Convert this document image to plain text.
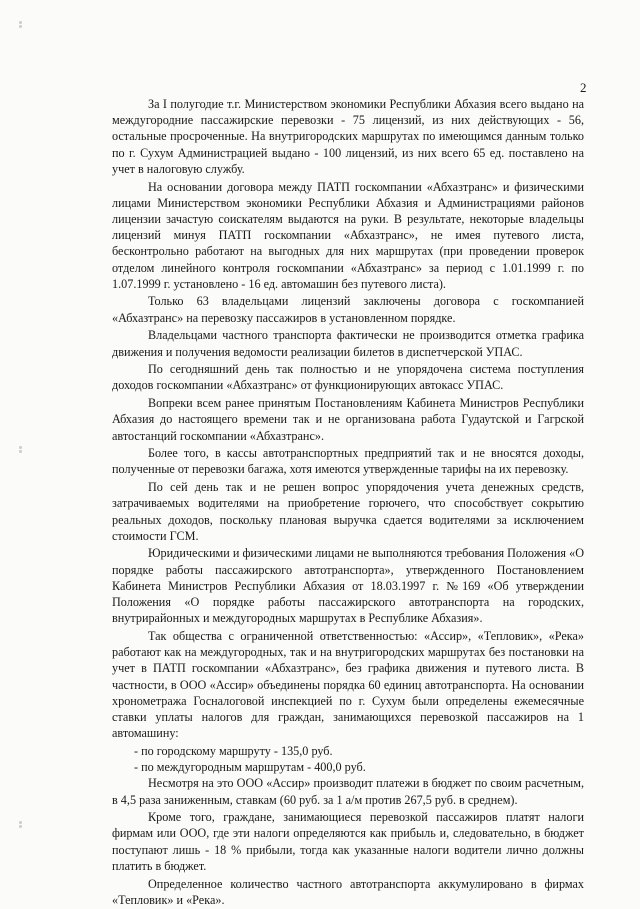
2

За I полугодие т.г. Министерством экономики Республики Абхазия всего выдано на междугородние пассажирские перевозки - 75 лицензий, из них действующих - 56, остальные просроченные. На внутригородских маршрутах по имеющимся данным только по г. Сухум Администрацией выдано - 100 лицензий, из них всего 65 ед. поставлено на учет в налоговую службу.

На основании договора между ПАТП госкомпании «Абхазтранс» и физическими лицами Министерством экономики Республики Абхазия и Администрациями районов лицензии зачастую соискателям выдаются на руки. В результате, некоторые владельцы лицензий минуя ПАТП госкомпании «Абхазтранс», не имея путевого листа, бесконтрольно работают на выгодных для них маршрутах (при проведении проверок отделом линейного контроля госкомпании «Абхазтранс» за период с 1.01.1999 г. по 1.07.1999 г. установлено - 16 ед. автомашин без путевого листа).

Только 63 владельцами лицензий заключены договора с госкомпанией «Абхазтранс» на перевозку пассажиров в установленном порядке.

Владельцами частного транспорта фактически не производится отметка графика движения и получения ведомости реализации билетов в диспетчерской УПАС.

По сегодняшний день так полностью и не упорядочена система поступления доходов госкомпании «Абхазтранс» от функционирующих автокасс УПАС.

Вопреки всем ранее принятым Постановлениям Кабинета Министров Республики Абхазия до настоящего времени так и не организована работа Гудаутской и Гагрской автостанций госкомпании «Абхазтранс».

Более того, в кассы автотранспортных предприятий так и не вносятся доходы, полученные от перевозки багажа, хотя имеются утвержденные тарифы на их перевозку.

По сей день так и не решен вопрос упорядочения учета денежных средств, затрачиваемых водителями на приобретение горючего, что способствует сокрытию реальных доходов, поскольку плановая выручка сдается водителями за исключением стоимости ГСМ.

Юридическими и физическими лицами не выполняются требования Положения «О порядке работы пассажирского автотранспорта», утвержденного Постановлением Кабинета Министров Республики Абхазия от 18.03.1997 г. №169 «Об утверждении Положения «О порядке работы пассажирского автотранспорта на городских, внутрирайонных и междугородных маршрутах в Республике Абхазия».

Так общества с ограниченной ответственностью: «Ассир», «Тепловик», «Река» работают как на междугородных, так и на внутригородских маршрутах без постановки на учет в ПАТП госкомпании «Абхазтранс», без графика движения и путевого листа. В частности, в ООО «Ассир» объединены порядка 60 единиц автотранспорта. На основании хронометража Госналоговой инспекцией по г. Сухум были определены ежемесячные ставки уплаты налогов для граждан, занимающихся перевозкой пассажиров на 1 автомашину:

- по городскому маршруту - 135,0 руб.

- по междугородным маршрутам - 400,0 руб.

Несмотря на это ООО «Ассир» производит платежи в бюджет по своим расчетным, в 4,5 раза заниженным, ставкам (60 руб. за 1 а/м против 267,5 руб. в среднем).

Кроме того, граждане, занимающиеся перевозкой пассажиров платят налоги фирмам или ООО, где эти налоги определяются как прибыль и, следовательно, в бюджет поступают лишь - 18 % прибыли, тогда как указанные налоги водители лично должны платить в бюджет.

Определенное количество частного автотранспорта аккумулировано в фирмах «Тепловик» и «Река».
